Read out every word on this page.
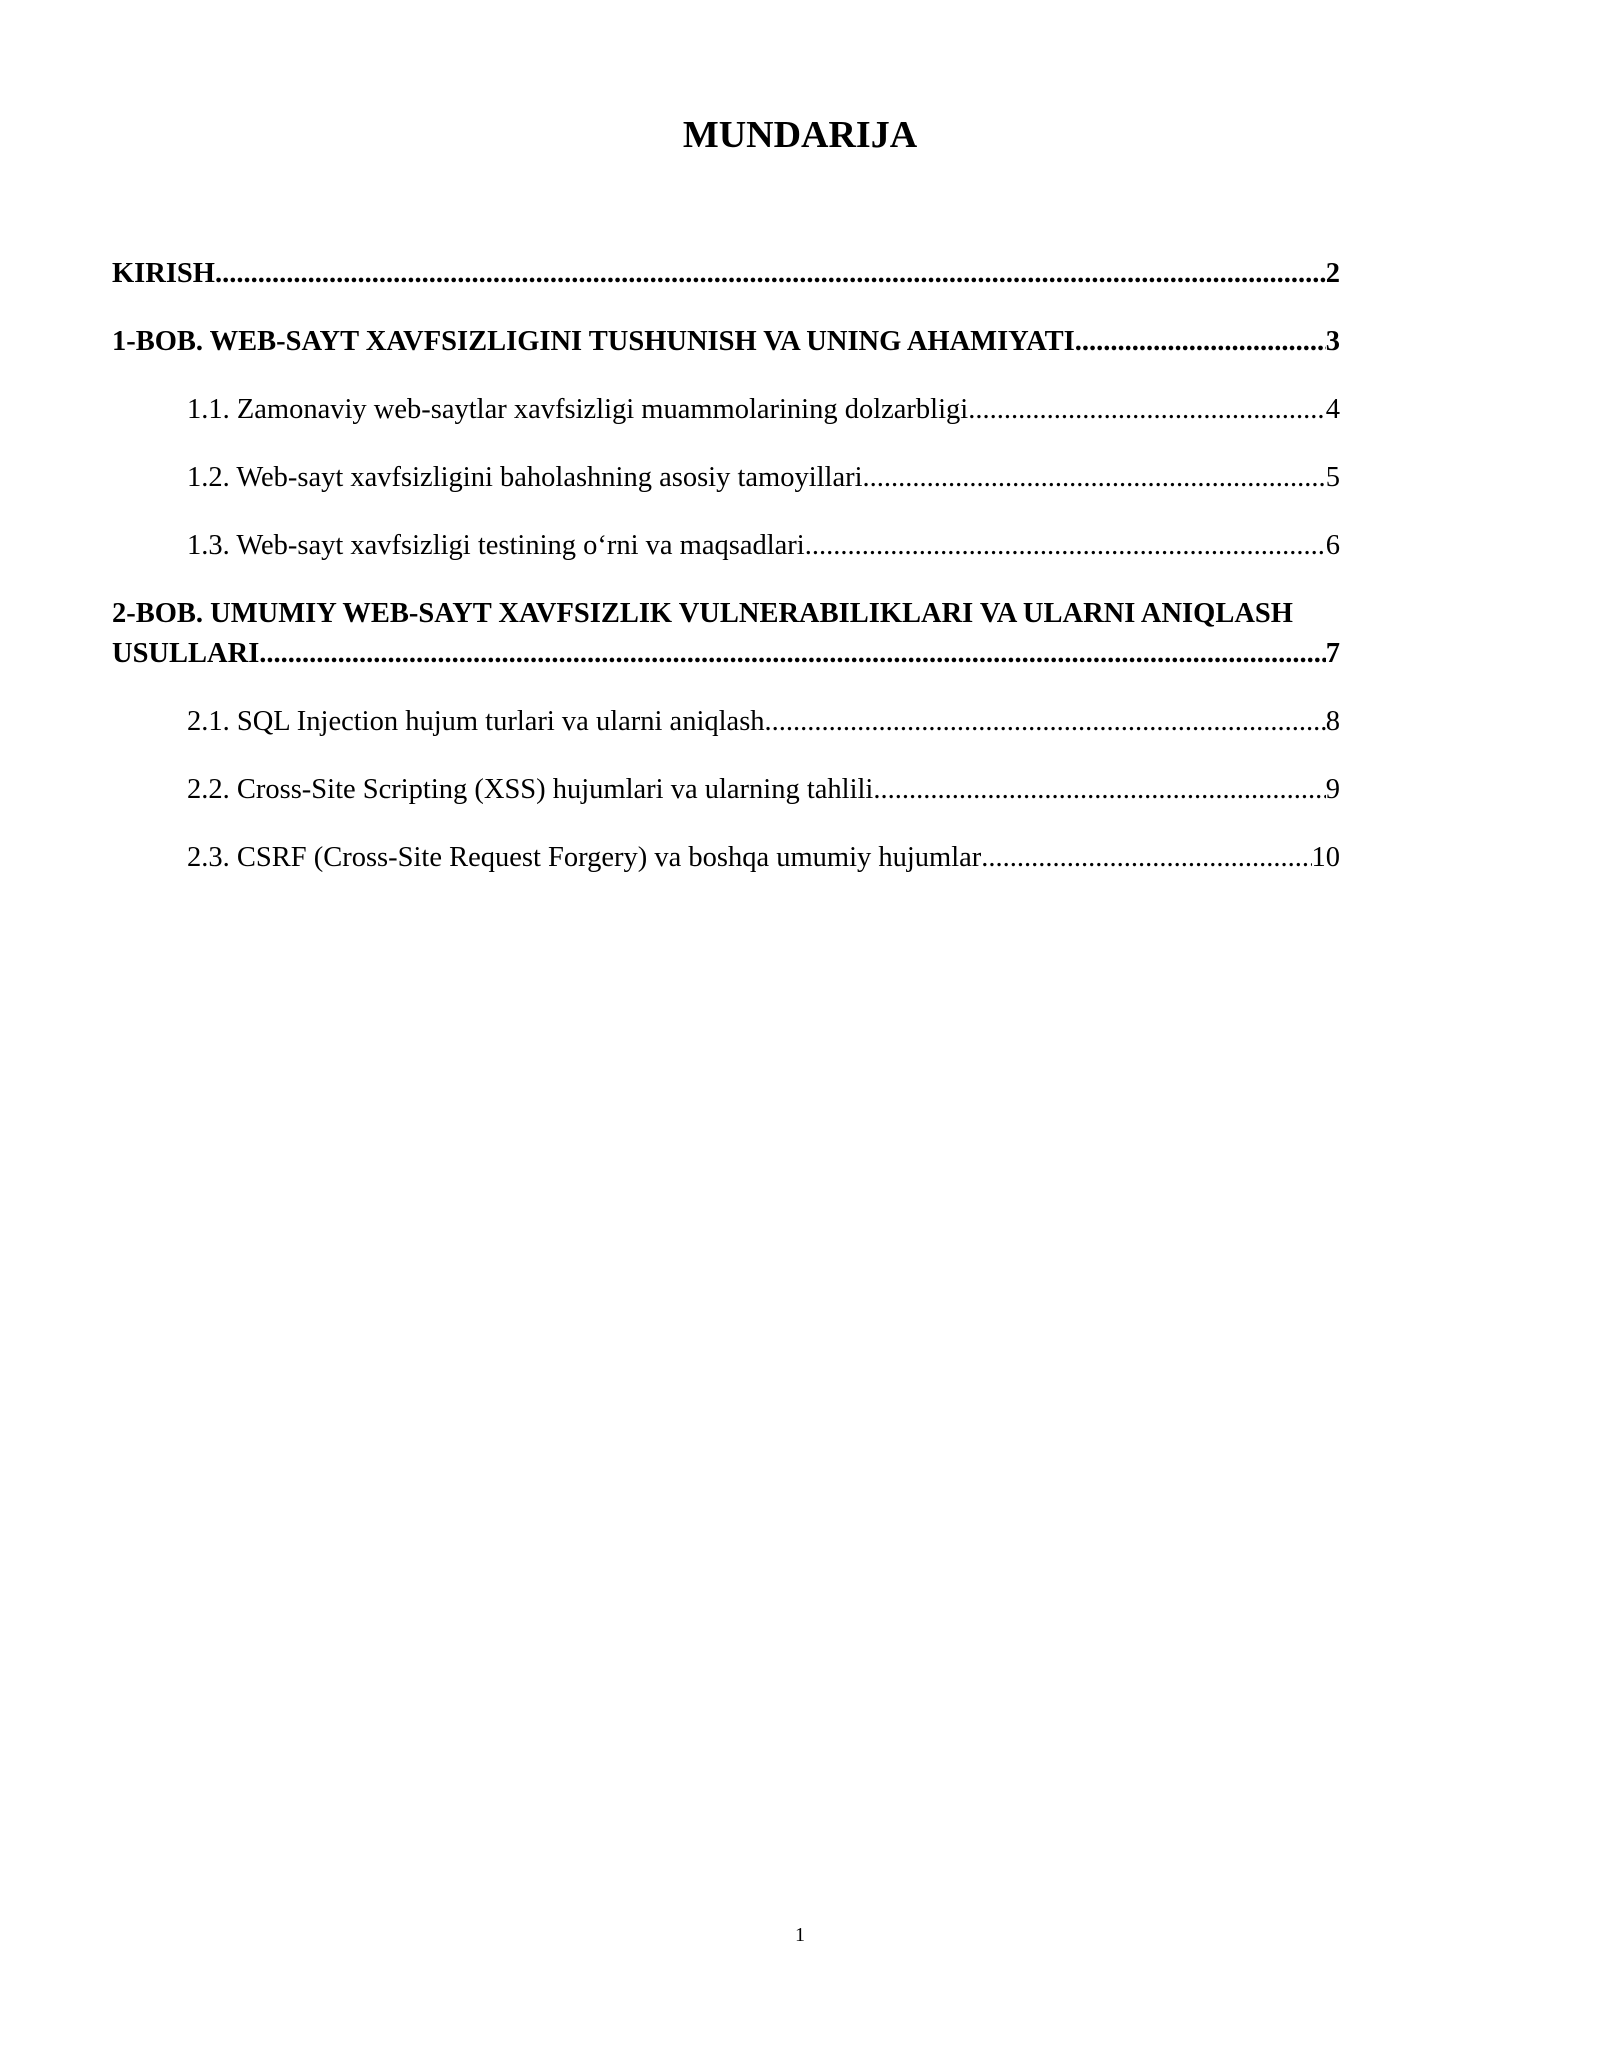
MUNDARIJA
KIRISH .....	2
1-BOB. WEB-SAYT XAVFSIZLIGINI TUSHUNISH VA UNING AHAMIYATI .....	3
1.1. Zamonaviy web-saytlar xavfsizligi muammolarining dolzarbligi .....	4
1.2. Web-sayt xavfsizligini baholashning asosiy tamoyillari .....	5
1.3. Web-sayt xavfsizligi testining o‘rni va maqsadlari .....	6
2-BOB. UMUMIY WEB-SAYT XAVFSIZLIK VULNERABILIKLARI VA ULARNI ANIQLASH
USULLARI .....	7
2.1. SQL Injection hujum turlari va ularni aniqlash .....	8
2.2. Cross-Site Scripting (XSS) hujumlari va ularning tahlili .....	9
2.3. CSRF (Cross-Site Request Forgery) va boshqa umumiy hujumlar .....	10
1
